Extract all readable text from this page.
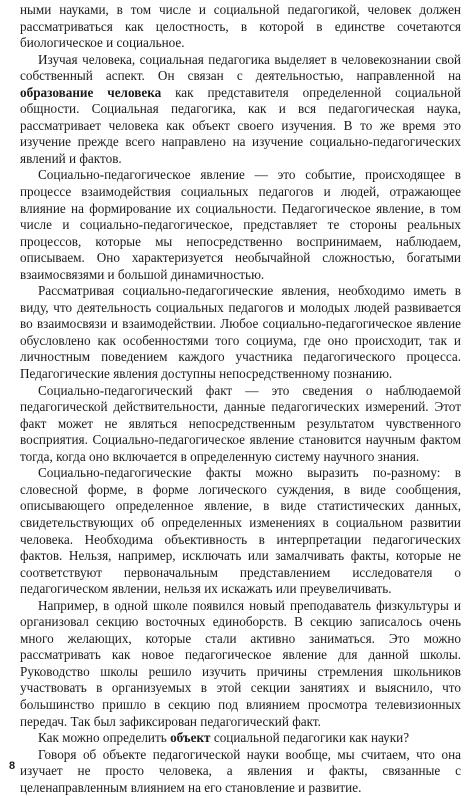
ными науками, в том числе и социальной педагогикой, человек должен рассматриваться как целостность, в которой в единстве сочетаются биологическое и социальное.

Изучая человека, социальная педагогика выделяет в человекознании свой собственный аспект. Он связан с деятельностью, направленной на образование человека как представителя определенной социальной общности. Социальная педагогика, как и вся педагогическая наука, рассматривает человека как объект своего изучения. В то же время это изучение прежде всего направлено на изучение социально-педагогических явлений и фактов.

Социально-педагогическое явление — это событие, происходящее в процессе взаимодействия социальных педагогов и людей, отражающее влияние на формирование их социальности. Педагогическое явление, в том числе и социально-педагогическое, представляет те стороны реальных процессов, которые мы непосредственно воспринимаем, наблюдаем, описываем. Оно характеризуется необычайной сложностью, богатыми взаимосвязями и большой динамичностью.

Рассматривая социально-педагогические явления, необходимо иметь в виду, что деятельность социальных педагогов и молодых людей развивается во взаимосвязи и взаимодействии. Любое социально-педагогическое явление обусловлено как особенностями того социума, где оно происходит, так и личностным поведением каждого участника педагогического процесса. Педагогические явления доступны непосредственному познанию.

Социально-педагогический факт — это сведения о наблюдаемой педагогической действительности, данные педагогических измерений. Этот факт может не являться непосредственным результатом чувственного восприятия. Социально-педагогическое явление становится научным фактом тогда, когда оно включается в определенную систему научного знания.

Социально-педагогические факты можно выразить по-разному: в словесной форме, в форме логического суждения, в виде сообщения, описывающего определенное явление, в виде статистических данных, свидетельствующих об определенных изменениях в социальном развитии человека. Необходима объективность в интерпретации педагогических фактов. Нельзя, например, исключать или замалчивать факты, которые не соответствуют первоначальным представлением исследователя о педагогическом явлении, нельзя их искажать или преувеличивать.

Например, в одной школе появился новый преподаватель физкультуры и организовал секцию восточных единоборств. В секцию записалось очень много желающих, которые стали активно заниматься. Это можно рассматривать как новое педагогическое явление для данной школы. Руководство школы решило изучить причины стремления школьников участвовать в организуемых в этой секции занятиях и выяснило, что большинство пришло в секцию под влиянием просмотра телевизионных передач. Так был зафиксирован педагогический факт.

Как можно определить объект социальной педагогики как науки?

Говоря об объекте педагогической науки вообще, мы считаем, что она изучает не просто человека, а явления и факты, связанные с целенаправленным влиянием на его становление и развитие.

8
